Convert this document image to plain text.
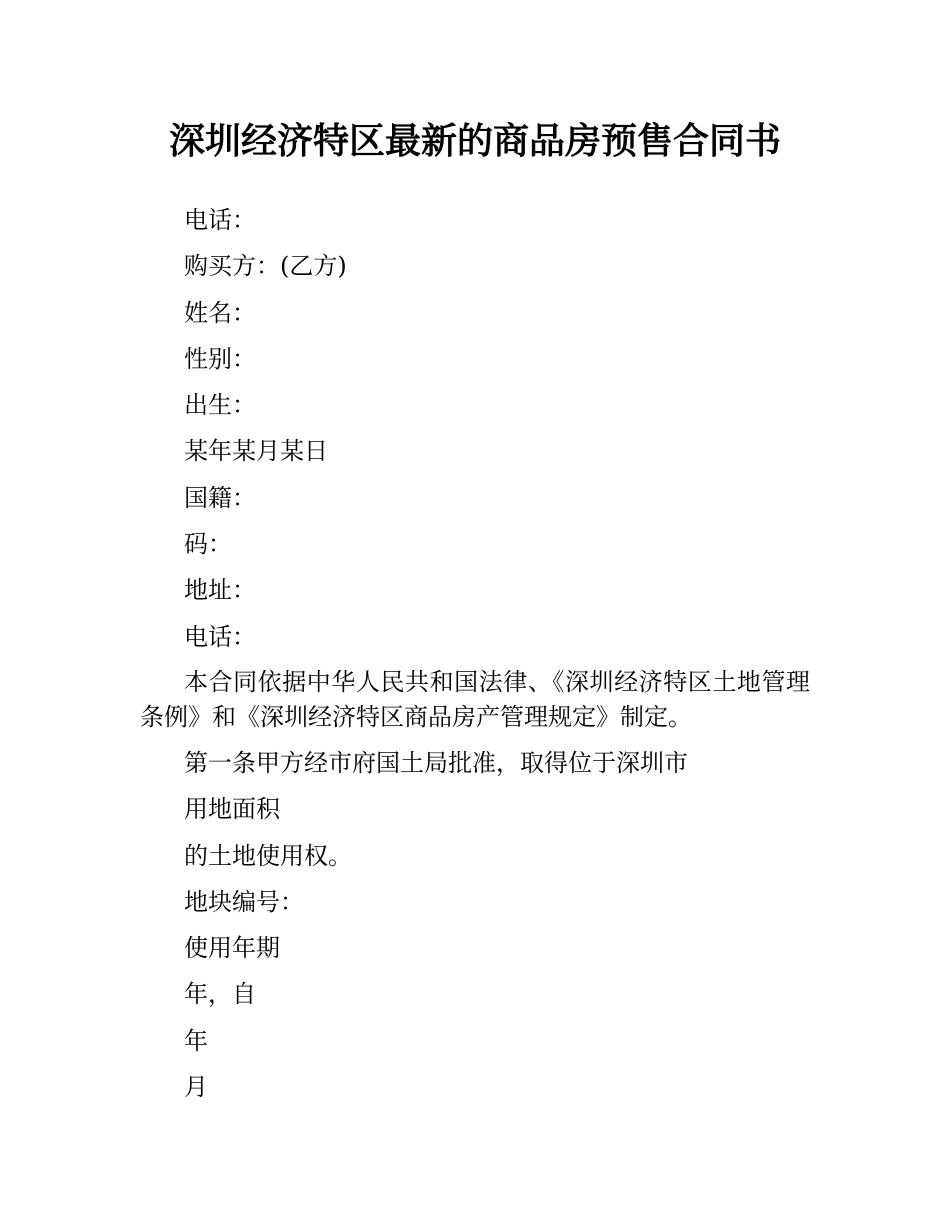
深圳经济特区最新的商品房预售合同书

电话：

购买方：(乙方)

姓名：

性别：

出生：

某年某月某日

国籍：

码：

地址：

电话：

本合同依据中华人民共和国法律、《深圳经济特区土地管理条例》和《深圳经济特区商品房产管理规定》制定。

第一条甲方经市府国土局批准，取得位于深圳市

用地面积

的土地使用权。

地块编号：

使用年期

年，自

年

月
